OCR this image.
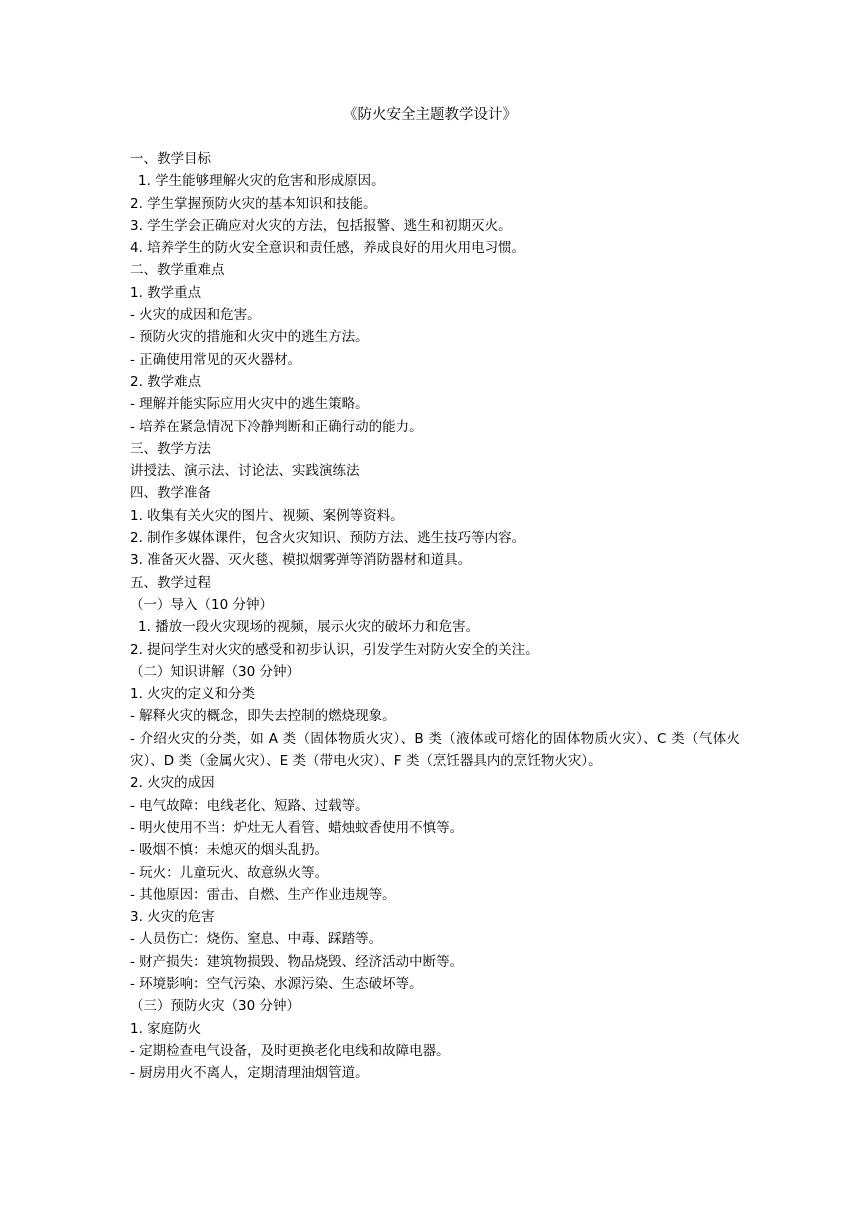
《防火安全主题教学设计》
一、教学目标
1. 学生能够理解火灾的危害和形成原因。
2. 学生掌握预防火灾的基本知识和技能。
3. 学生学会正确应对火灾的方法，包括报警、逃生和初期灭火。
4. 培养学生的防火安全意识和责任感，养成良好的用火用电习惯。
二、教学重难点
1. 教学重点
- 火灾的成因和危害。
- 预防火灾的措施和火灾中的逃生方法。
- 正确使用常见的灭火器材。
2. 教学难点
- 理解并能实际应用火灾中的逃生策略。
- 培养在紧急情况下冷静判断和正确行动的能力。
三、教学方法
讲授法、演示法、讨论法、实践演练法
四、教学准备
1. 收集有关火灾的图片、视频、案例等资料。
2. 制作多媒体课件，包含火灾知识、预防方法、逃生技巧等内容。
3. 准备灭火器、灭火毯、模拟烟雾弹等消防器材和道具。
五、教学过程
（一）导入（10 分钟）
1. 播放一段火灾现场的视频，展示火灾的破坏力和危害。
2. 提问学生对火灾的感受和初步认识，引发学生对防火安全的关注。
（二）知识讲解（30 分钟）
1. 火灾的定义和分类
- 解释火灾的概念，即失去控制的燃烧现象。
- 介绍火灾的分类，如 A 类（固体物质火灾）、B 类（液体或可熔化的固体物质火灾）、C 类（气体火灾）、D 类（金属火灾）、E 类（带电火灾）、F 类（烹饪器具内的烹饪物火灾）。
2. 火灾的成因
- 电气故障：电线老化、短路、过载等。
- 明火使用不当：炉灶无人看管、蜡烛蚊香使用不慎等。
- 吸烟不慎：未熄灭的烟头乱扔。
- 玩火：儿童玩火、故意纵火等。
- 其他原因：雷击、自燃、生产作业违规等。
3. 火灾的危害
- 人员伤亡：烧伤、窒息、中毒、踩踏等。
- 财产损失：建筑物损毁、物品烧毁、经济活动中断等。
- 环境影响：空气污染、水源污染、生态破坏等。
（三）预防火灾（30 分钟）
1. 家庭防火
- 定期检查电气设备，及时更换老化电线和故障电器。
- 厨房用火不离人，定期清理油烟管道。
